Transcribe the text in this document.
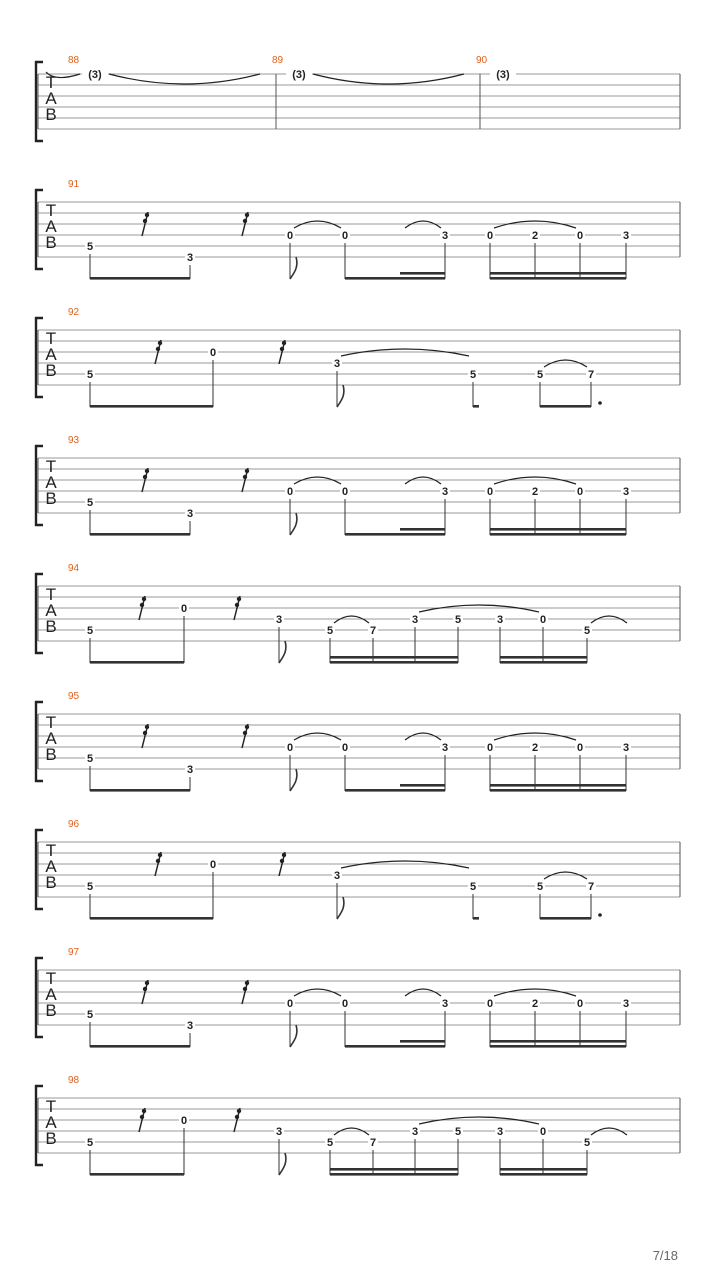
T
A
B
88
(3)
89
(3)
90
(3)
T
A
B
91
5
3
0	0	3	0	2	0	3
T
A
B
92
5
0
3
5	5	7
T
A
B
93
5
3
0	0	3	0	2	0	3
T
A
B
94
5
0
3
5	7
3	5	3	0
5
T
A
B
95
5
3
0	0	3	0	2	0	3
T
A
B
96
5
0
3
5	5	7
T
A
B
97
5
3
0	0	3	0	2	0	3
T
A
B
98
5
0
3
5	7
3	5	3	0
5
7/18
